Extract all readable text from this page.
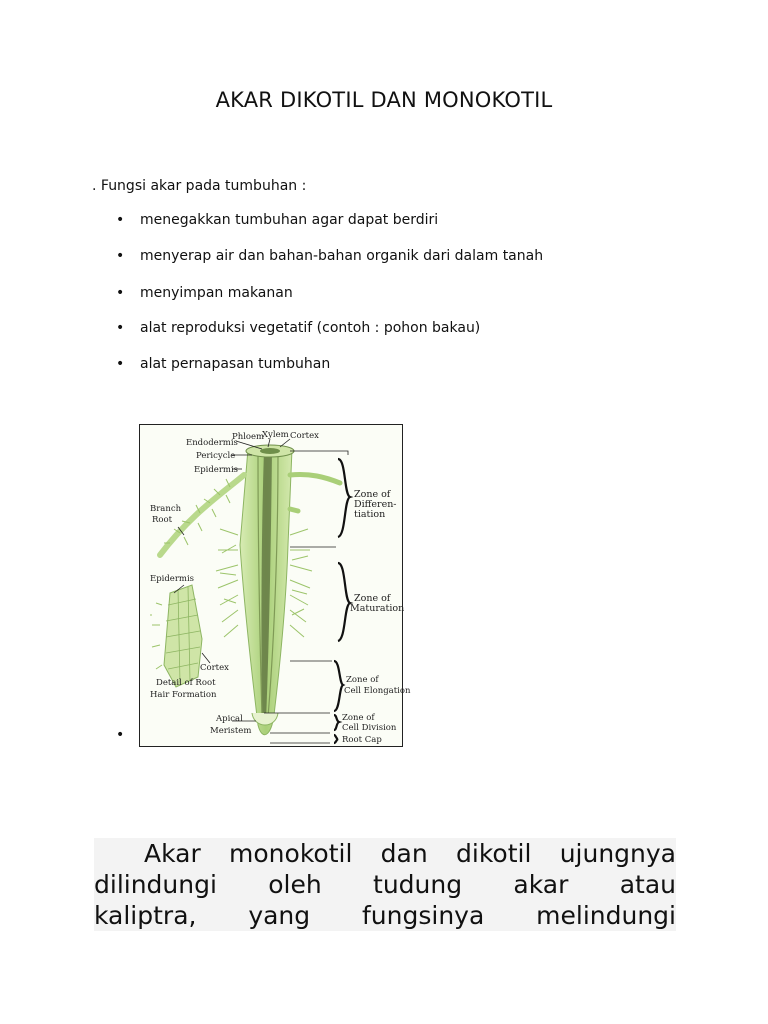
AKAR DIKOTIL DAN MONOKOTIL
. Fungsi akar pada tumbuhan :
• menegakkan tumbuhan agar dapat berdiri
• menyerap air dan bahan-bahan organik dari dalam tanah
• menyimpan makanan
• alat reproduksi vegetatif (contoh : pohon bakau)
• alat pernapasan tumbuhan
Phloem
Xylem Cortex
Endodermis
Pericycle
Epidermis
Branch
Root
Epidermis
Cortex
Detail of Root
Hair Formation
Apical
Meristem
Zone of
Differen-
tiation
Zone of
Maturation
Zone of
Cell Elongation
Zone of
Cell Division
Root Cap
•
Akar monokotil dan dikotil ujungnya
dilindungi oleh tudung akar atau
kaliptra, yang fungsinya melindungi
